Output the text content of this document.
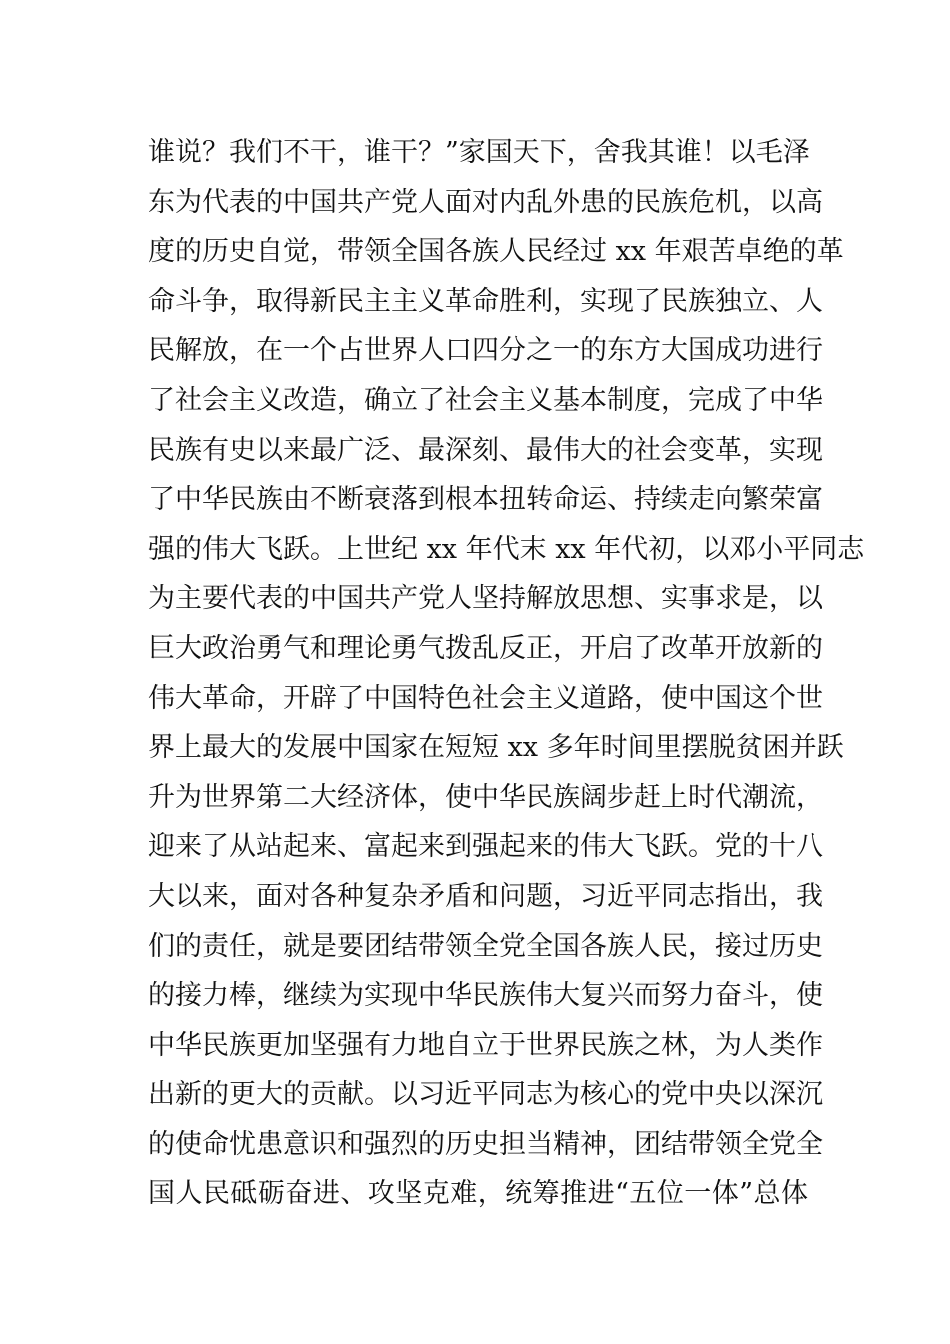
谁说？我们不干，谁干？”家国天下，舍我其谁！以毛泽
东为代表的中国共产党人面对内乱外患的民族危机，以高
度的历史自觉，带领全国各族人民经过 xx 年艰苦卓绝的革
命斗争，取得新民主主义革命胜利，实现了民族独立、人
民解放，在一个占世界人口四分之一的东方大国成功进行
了社会主义改造，确立了社会主义基本制度，完成了中华
民族有史以来最广泛、最深刻、最伟大的社会变革，实现
了中华民族由不断衰落到根本扭转命运、持续走向繁荣富
强的伟大飞跃。上世纪 xx 年代末 xx 年代初，以邓小平同志
为主要代表的中国共产党人坚持解放思想、实事求是，以
巨大政治勇气和理论勇气拨乱反正，开启了改革开放新的
伟大革命，开辟了中国特色社会主义道路，使中国这个世
界上最大的发展中国家在短短 xx 多年时间里摆脱贫困并跃
升为世界第二大经济体，使中华民族阔步赶上时代潮流，
迎来了从站起来、富起来到强起来的伟大飞跃。党的十八
大以来，面对各种复杂矛盾和问题，习近平同志指出，我
们的责任，就是要团结带领全党全国各族人民，接过历史
的接力棒，继续为实现中华民族伟大复兴而努力奋斗，使
中华民族更加坚强有力地自立于世界民族之林，为人类作
出新的更大的贡献。以习近平同志为核心的党中央以深沉
的使命忧患意识和强烈的历史担当精神，团结带领全党全
国人民砥砺奋进、攻坚克难，统筹推进“五位一体”总体
